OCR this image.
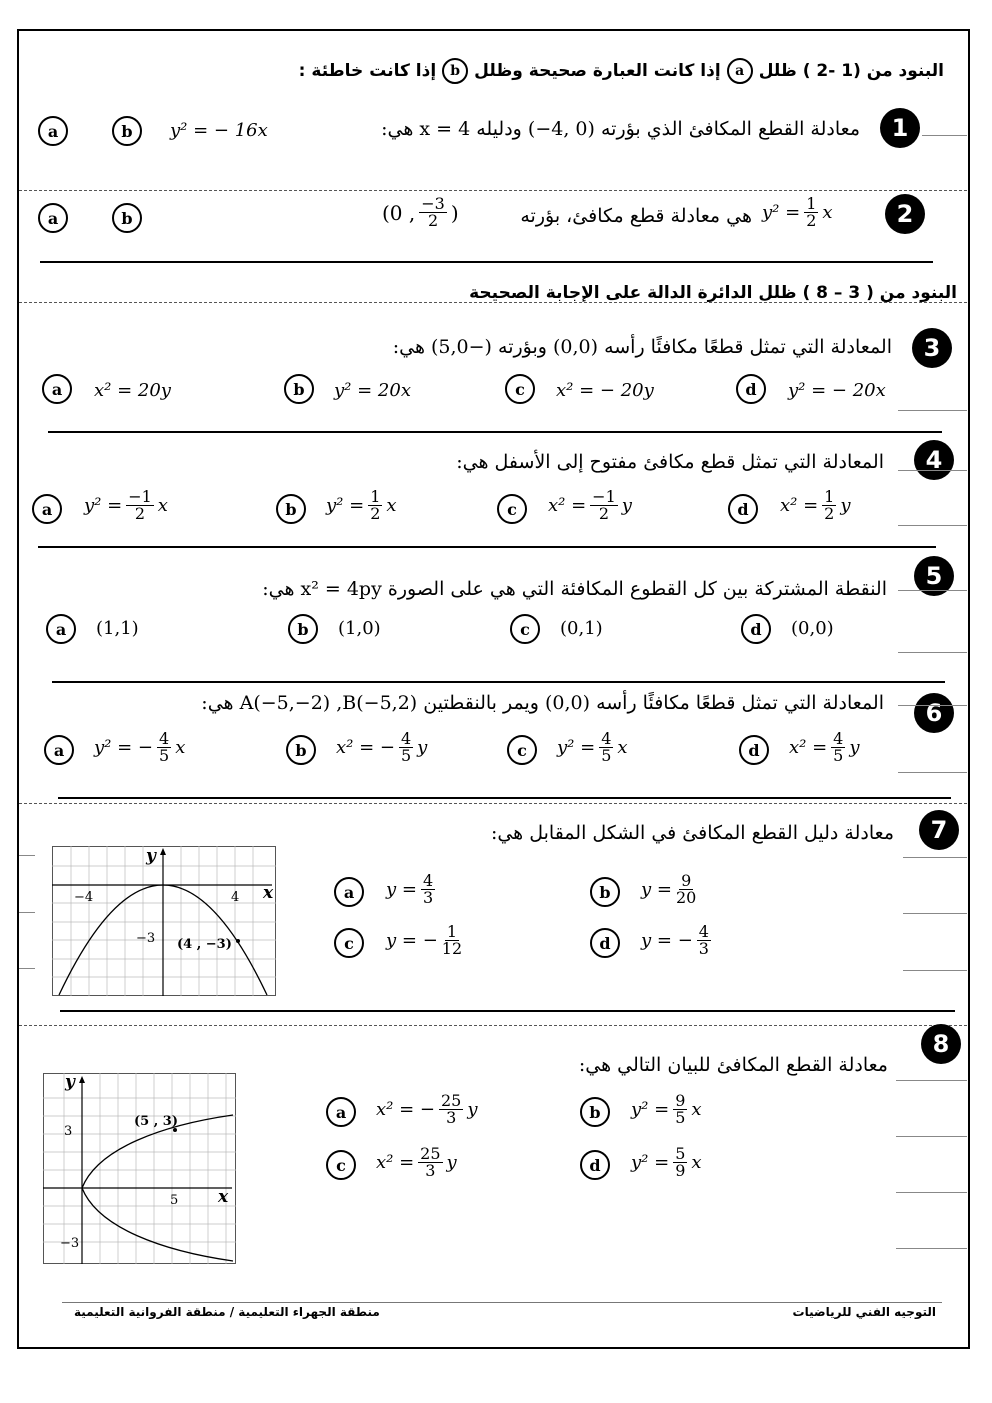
البنود من (1 -2 ) ظلل
a
إذا كانت العبارة صحيحة وظلل
b
إذا كانت خاطئة :
1
معادلة القطع المكافئ الذي بؤرته (0 ,4−) ودليله x = 4 هي:
y² = − 16x
a	b
2
$y^2 = \frac{1}{2}$ x
هي معادلة قطع مكافئ، بؤرته
(0 , $\frac{-3}{2}$ )
a	b
البنود من ( 3 – 8 ) ظلل الدائرة الدالة على الإجابة الصحيحة
3
المعادلة التي تمثل قطعًا مكافئًا رأسه (0,0) وبؤرته (−5,0) هي:
a	x² = 20y	b	y² = 20x	c	x² = − 20y	d	y² = − 20x
4
المعادلة التي تمثل قطع مكافئ مفتوح إلى الأسفل هي:
a	$y^2 = \frac{-1}{2}$ x	b	$y^2 = \frac{1}{2}$ x	c	$x^2 = \frac{-1}{2}$ y	d	$x^2 = \frac{1}{2}$ y
5
النقطة المشتركة بين كل القطوع المكافئة التي هي على الصورة x² = 4py هي:
a	(1,1)	b	(1,0)	c	(0,1)	d	(0,0)
6
المعادلة التي تمثل قطعًا مكافئًا رأسه (0,0) ويمر بالنقطتين A(−5,−2) ,B(−5,2) هي:
a	y² = − $\frac{4}{5}$ x	b	x² = − $\frac{4}{5}$ y	c	$y^2 = \frac{4}{5}$ x	d	$x^2 = \frac{4}{5}$ y
7
معادلة دليل القطع المكافئ في الشكل المقابل هي:
x
y
−4	4
−3 (4 , −3)
a	$y = \frac{4}{3}$	b	$y = \frac{9}{20}$
c	y = − $\frac{1}{12}$	d	y = − $\frac{4}{3}$
8
معادلة القطع المكافئ للبيان التالي هي:
x
y
5
3
−3
(5 , 3)	a	x² = − $\frac{25}{3}$ y	b	$y^2 = \frac{9}{5}$ x
c	$x^2 = \frac{25}{3}$ y	d	$y^2 = \frac{5}{9}$ x
منطقة الجهراء التعليمية / منطقة الفروانية التعليمية	التوجيه الفني للرياضيات
